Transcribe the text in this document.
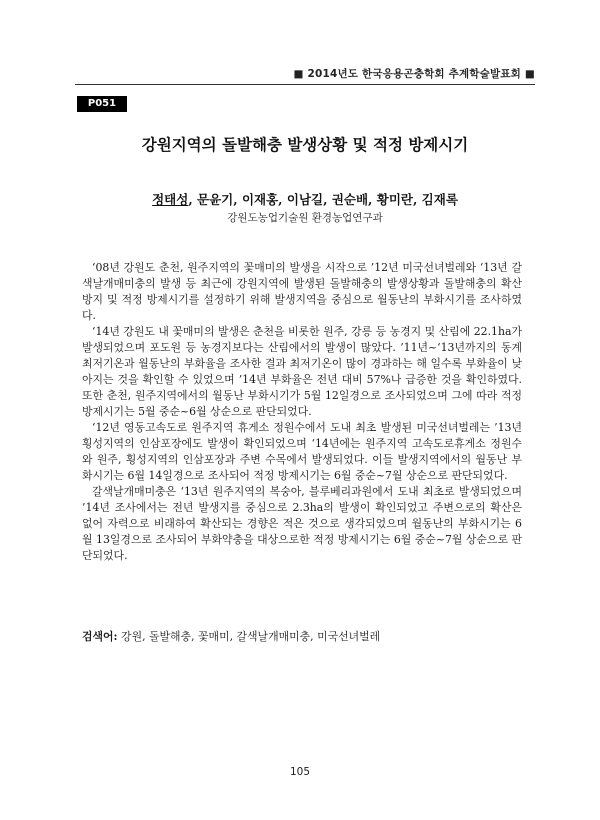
■ 2014년도 한국응용곤충학회 추계학술발표회 ■
P051
강원지역의 돌발해충 발생상황 및 적정 방제시기
정태성, 문윤기, 이재홍, 이남길, 권순배, 황미란, 김재록
강원도농업기술원 환경농업연구과

‘08년 강원도 춘천, 원주지역의 꽃매미의 발생을 시작으로 ’12년 미국선녀벌레와 ‘13년 갈색날개매미충의 발생 등 최근에 강원지역에 발생된 돌발해충의 발생상황과 돌발해충의 확산방지 및 적정 방제시기를 설정하기 위해 발생지역을 중심으로 월동난의 부화시기를 조사하였다.

‘14년 강원도 내 꽃매미의 발생은 춘천을 비롯한 원주, 강릉 등 농경지 및 산림에 22.1ha가 발생되었으며 포도원 등 농경지보다는 산림에서의 발생이 많았다. ’11년~‘13년까지의 동계 최저기온과 월동난의 부화율을 조사한 결과 최저기온이 많이 경과하는 해 일수록 부화율이 낮아지는 것을 확인할 수 있었으며 ’14년 부화율은 전년 대비 57%나 급증한 것을 확인하였다. 또한 춘천, 원주지역에서의 월동난 부화시기가 5월 12일경으로 조사되었으며 그에 따라 적정 방제시기는 5월 중순~6월 상순으로 판단되었다.

‘12년 영동고속도로 원주지역 휴게소 정원수에서 도내 최초 발생된 미국선녀벌레는 ’13년 횡성지역의 인삼포장에도 발생이 확인되었으며 ‘14년에는 원주지역 고속도로휴게소 정원수와 원주, 횡성지역의 인삼포장과 주변 수목에서 발생되었다. 이들 발생지역에서의 월동난 부화시기는 6월 14일경으로 조사되어 적정 방제시기는 6월 중순~7월 상순으로 판단되었다.

갈색날개매미충은 ‘13년 원주지역의 복숭아, 블루베리과원에서 도내 최초로 발생되었으며 ’14년 조사에서는 전년 발생지를 중심으로 2.3ha의 발생이 확인되었고 주변으로의 확산은 없어 자력으로 비래하여 확산되는 경향은 적은 것으로 생각되었으며 월동난의 부화시기는 6월 13일경으로 조사되어 부화약충을 대상으로한 적정 방제시기는 6월 중순~7월 상순으로 판단되었다.

검색어: 강원, 돌발해충, 꽃매미, 갈색날개매미충, 미국선녀벌레
105
